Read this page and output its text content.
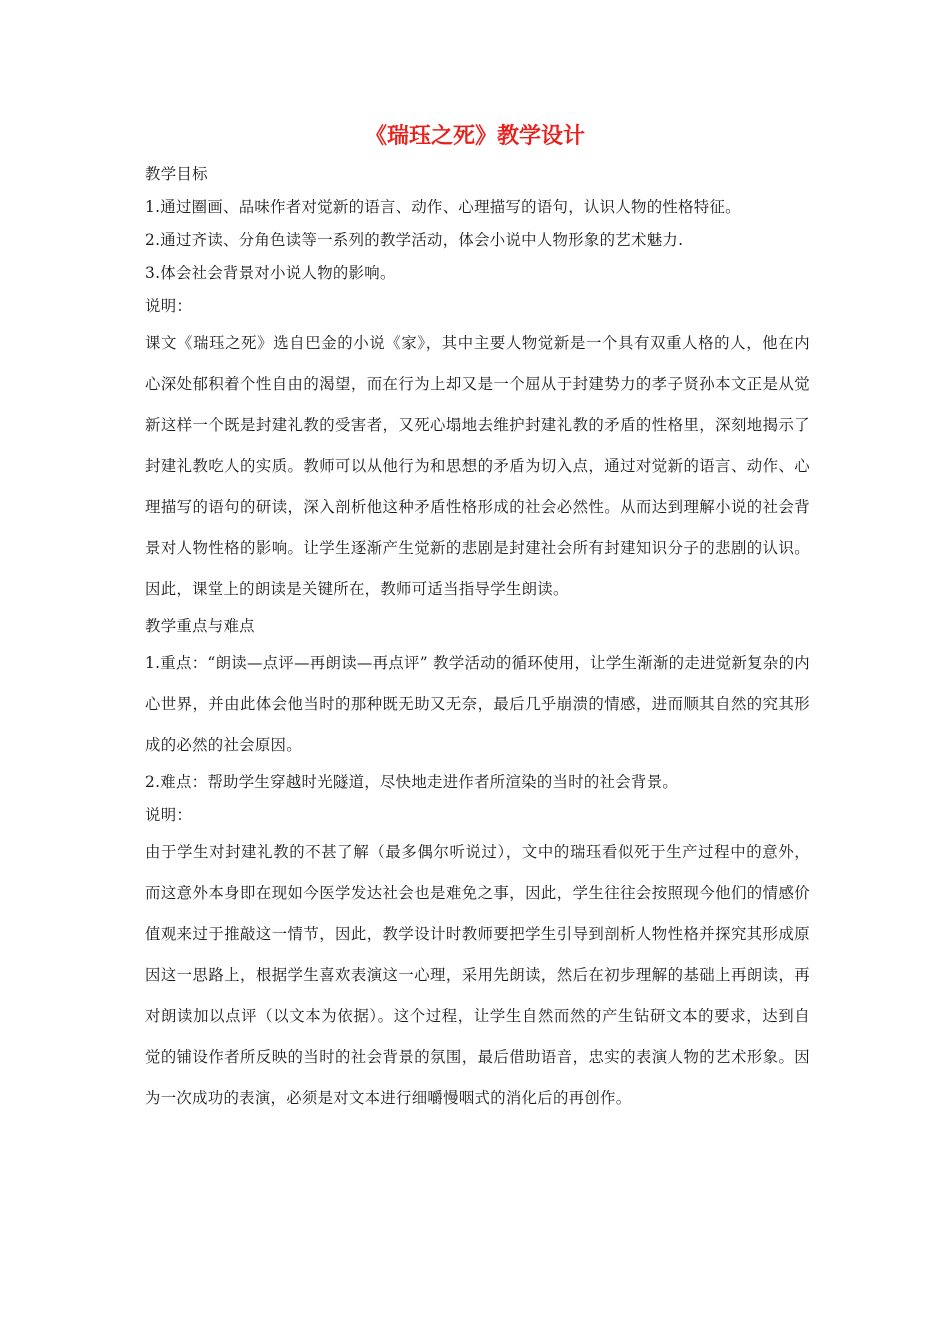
《瑞珏之死》教学设计

教学目标

1.通过圈画、品味作者对觉新的语言、动作、心理描写的语句，认识人物的性格特征。

2.通过齐读、分角色读等一系列的教学活动，体会小说中人物形象的艺术魅力.

3.体会社会背景对小说人物的影响。

说明：

课文《瑞珏之死》选自巴金的小说《家》，其中主要人物觉新是一个具有双重人格的人，他在内心深处郁积着个性自由的渴望，而在行为上却又是一个屈从于封建势力的孝子贤孙本文正是从觉新这样一个既是封建礼教的受害者，又死心塌地去维护封建礼教的矛盾的性格里，深刻地揭示了封建礼教吃人的实质。教师可以从他行为和思想的矛盾为切入点，通过对觉新的语言、动作、心理描写的语句的研读，深入剖析他这种矛盾性格形成的社会必然性。从而达到理解小说的社会背景对人物性格的影响。让学生逐渐产生觉新的悲剧是封建社会所有封建知识分子的悲剧的认识。因此，课堂上的朗读是关键所在，教师可适当指导学生朗读。

教学重点与难点

1.重点：“朗读—点评—再朗读—再点评” 教学活动的循环使用，让学生渐渐的走进觉新复杂的内心世界，并由此体会他当时的那种既无助又无奈，最后几乎崩溃的情感，进而顺其自然的究其形成的必然的社会原因。

2.难点：帮助学生穿越时光隧道，尽快地走进作者所渲染的当时的社会背景。

说明：

由于学生对封建礼教的不甚了解（最多偶尔听说过），文中的瑞珏看似死于生产过程中的意外，而这意外本身即在现如今医学发达社会也是难免之事，因此，学生往往会按照现今他们的情感价值观来过于推敲这一情节，因此，教学设计时教师要把学生引导到剖析人物性格并探究其形成原因这一思路上，根据学生喜欢表演这一心理，采用先朗读，然后在初步理解的基础上再朗读，再对朗读加以点评（以文本为依据）。这个过程，让学生自然而然的产生钻研文本的要求，达到自觉的铺设作者所反映的当时的社会背景的氛围，最后借助语音，忠实的表演人物的艺术形象。因为一次成功的表演，必须是对文本进行细嚼慢咽式的消化后的再创作。
